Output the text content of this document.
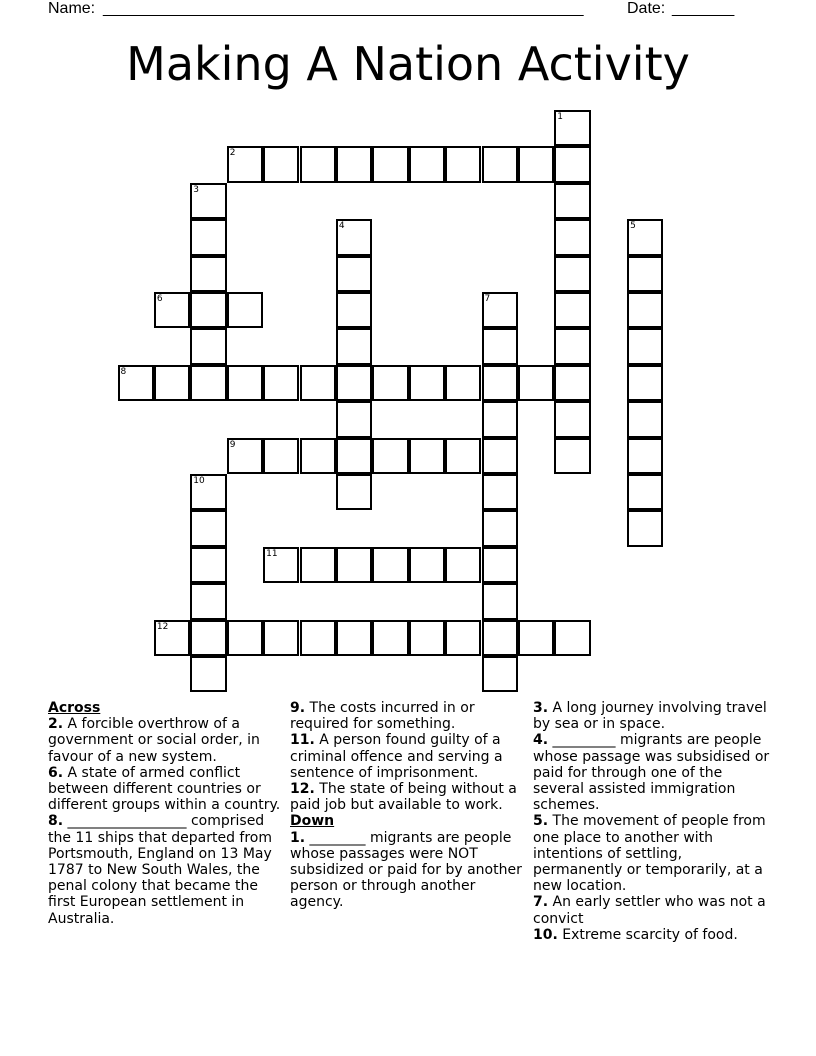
Name: ______________________________________________________	Date: _______
Making A Nation Activity
1
2
3
4	5
6	7
8
9
10
11
12
Across

2. A forcible overthrow of a government or social order, in favour of a new system.

6. A state of armed conflict between different countries or different groups within a country.

8. _________________ comprised the 11 ships that departed from Portsmouth, England on 13 May 1787 to New South Wales, the penal colony that became the first European settlement in Australia.

9. The costs incurred in or required for something.

11. A person found guilty of a criminal offence and serving a sentence of imprisonment.

12. The state of being without a paid job but available to work.

Down

1. ________ migrants are people whose passages were NOT subsidized or paid for by another person or through another agency.

3. A long journey involving travel by sea or in space.

4. _________ migrants are people whose passage was subsidised or paid for through one of the several assisted immigration schemes.

5. The movement of people from one place to another with intentions of settling, permanently or temporarily, at a new location.

7. An early settler who was not a convict

10. Extreme scarcity of food.
